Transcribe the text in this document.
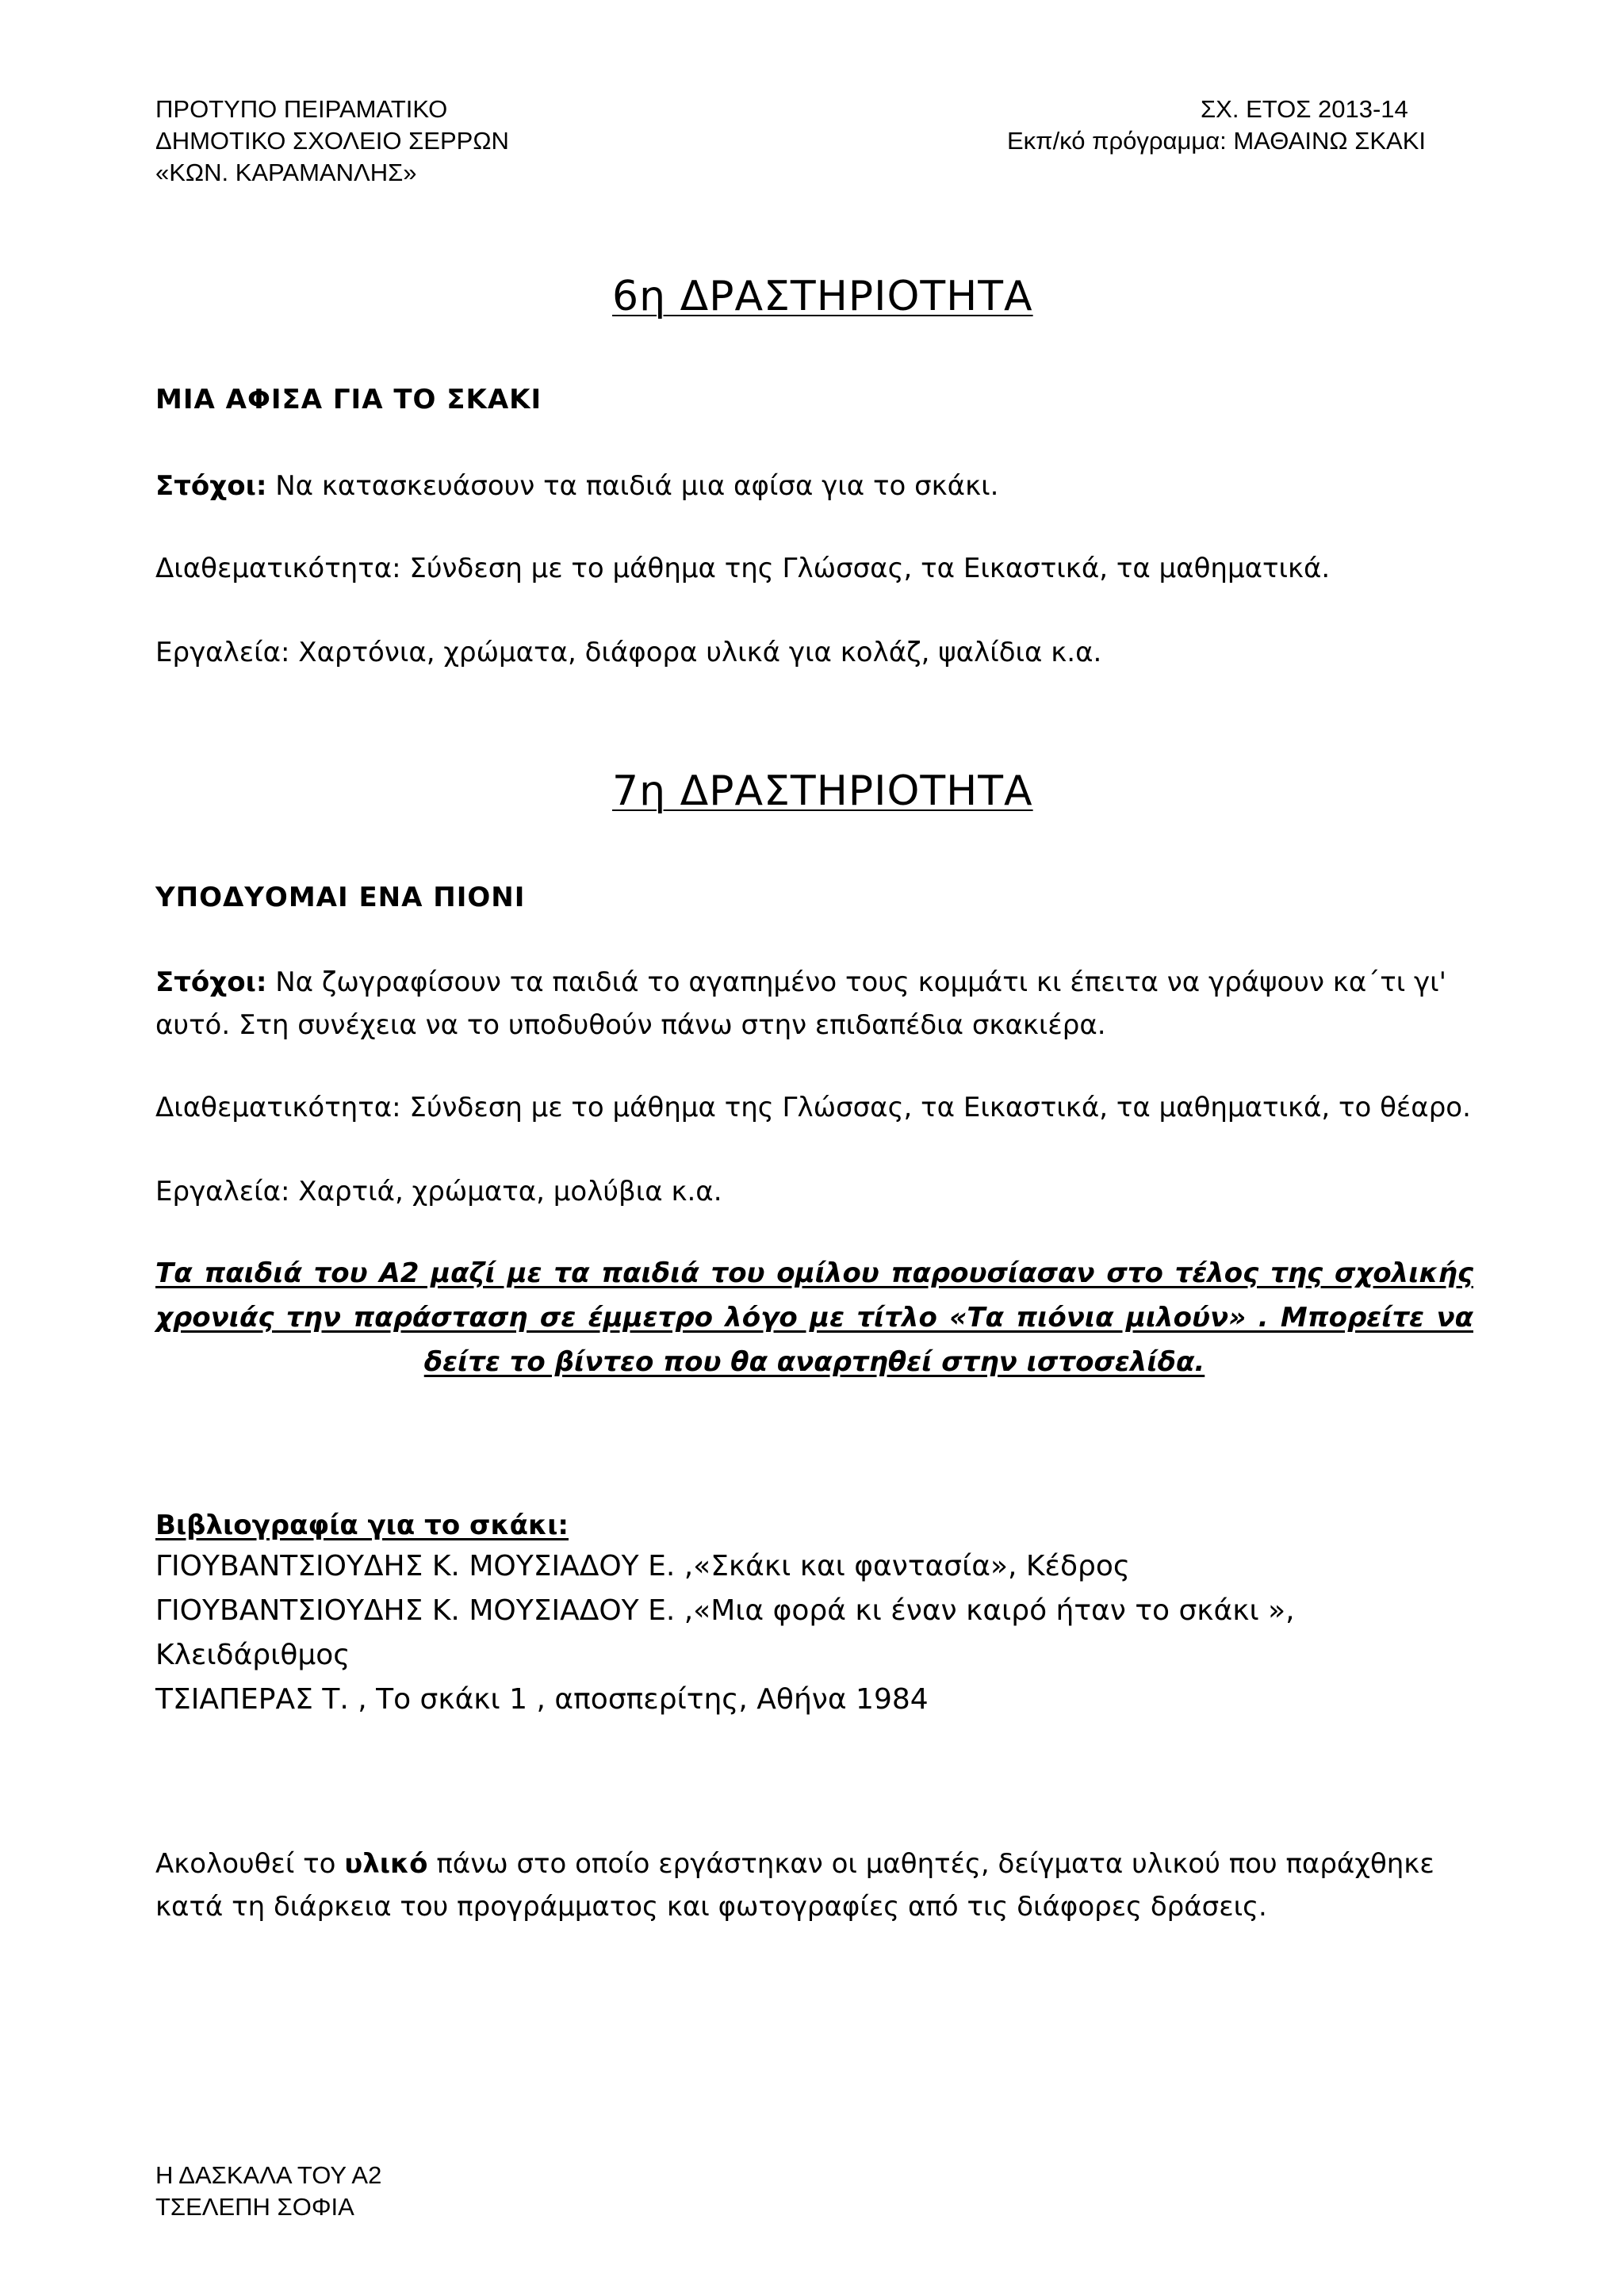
ΠΡΟΤΥΠΟ ΠΕΙΡΑΜΑΤΙΚΟ
ΔΗΜΟΤΙΚΟ ΣΧΟΛΕΙΟ ΣΕΡΡΩΝ
«ΚΩΝ. ΚΑΡΑΜΑΝΛΗΣ»
ΣΧ. ΕΤΟΣ 2013-14
Εκπ/κό πρόγραμμα: ΜΑΘΑΙΝΩ ΣΚΑΚΙ
6η ΔΡΑΣΤΗΡΙΟΤΗΤΑ
ΜΙΑ ΑΦΙΣΑ ΓΙΑ ΤΟ ΣΚΑΚΙ
Στόχοι: Να κατασκευάσουν τα παιδιά μια αφίσα για το σκάκι.
Διαθεματικότητα: Σύνδεση με το μάθημα της Γλώσσας, τα Εικαστικά, τα μαθηματικά.
Εργαλεία: Χαρτόνια, χρώματα, διάφορα υλικά για κολάζ, ψαλίδια κ.α.
7η ΔΡΑΣΤΗΡΙΟΤΗΤΑ
ΥΠΟΔΥΟΜΑΙ ΕΝΑ ΠΙΟΝΙ
Στόχοι: Να ζωγραφίσουν τα παιδιά το αγαπημένο τους κομμάτι κι έπειτα να γράψουν κα΄τι γι' αυτό. Στη συνέχεια να το υποδυθούν πάνω στην επιδαπέδια σκακιέρα.
Διαθεματικότητα: Σύνδεση με το μάθημα της Γλώσσας, τα Εικαστικά, τα μαθηματικά, το θέαρο.
Εργαλεία: Χαρτιά, χρώματα, μολύβια κ.α.
Τα παιδιά του Α2 μαζί με τα παιδιά του ομίλου παρουσίασαν στο τέλος της σχολικής χρονιάς την παράσταση σε έμμετρο λόγο με τίτλο «Τα πιόνια μιλούν» . Μπορείτε να δείτε το βίντεο που θα αναρτηθεί στην ιστοσελίδα.
Βιβλιογραφία για το σκάκι:
ΓΙΟΥΒΑΝΤΣΙΟΥΔΗΣ Κ. ΜΟΥΣΙΑΔΟΥ Ε. ,«Σκάκι και φαντασία», Κέδρος
ΓΙΟΥΒΑΝΤΣΙΟΥΔΗΣ Κ. ΜΟΥΣΙΑΔΟΥ Ε. ,«Μια φορά κι έναν καιρό ήταν το σκάκι »,
Κλειδάριθμος
ΤΣΙΑΠΕΡΑΣ Τ. , Το σκάκι 1 , αποσπερίτης, Αθήνα 1984
Ακολουθεί το υλικό πάνω στο οποίο εργάστηκαν οι μαθητές, δείγματα υλικού που παράχθηκε κατά τη διάρκεια του προγράμματος και φωτογραφίες από τις διάφορες δράσεις.
Η ΔΑΣΚΑΛΑ ΤΟΥ Α2
ΤΣΕΛΕΠΗ ΣΟΦΙΑ
